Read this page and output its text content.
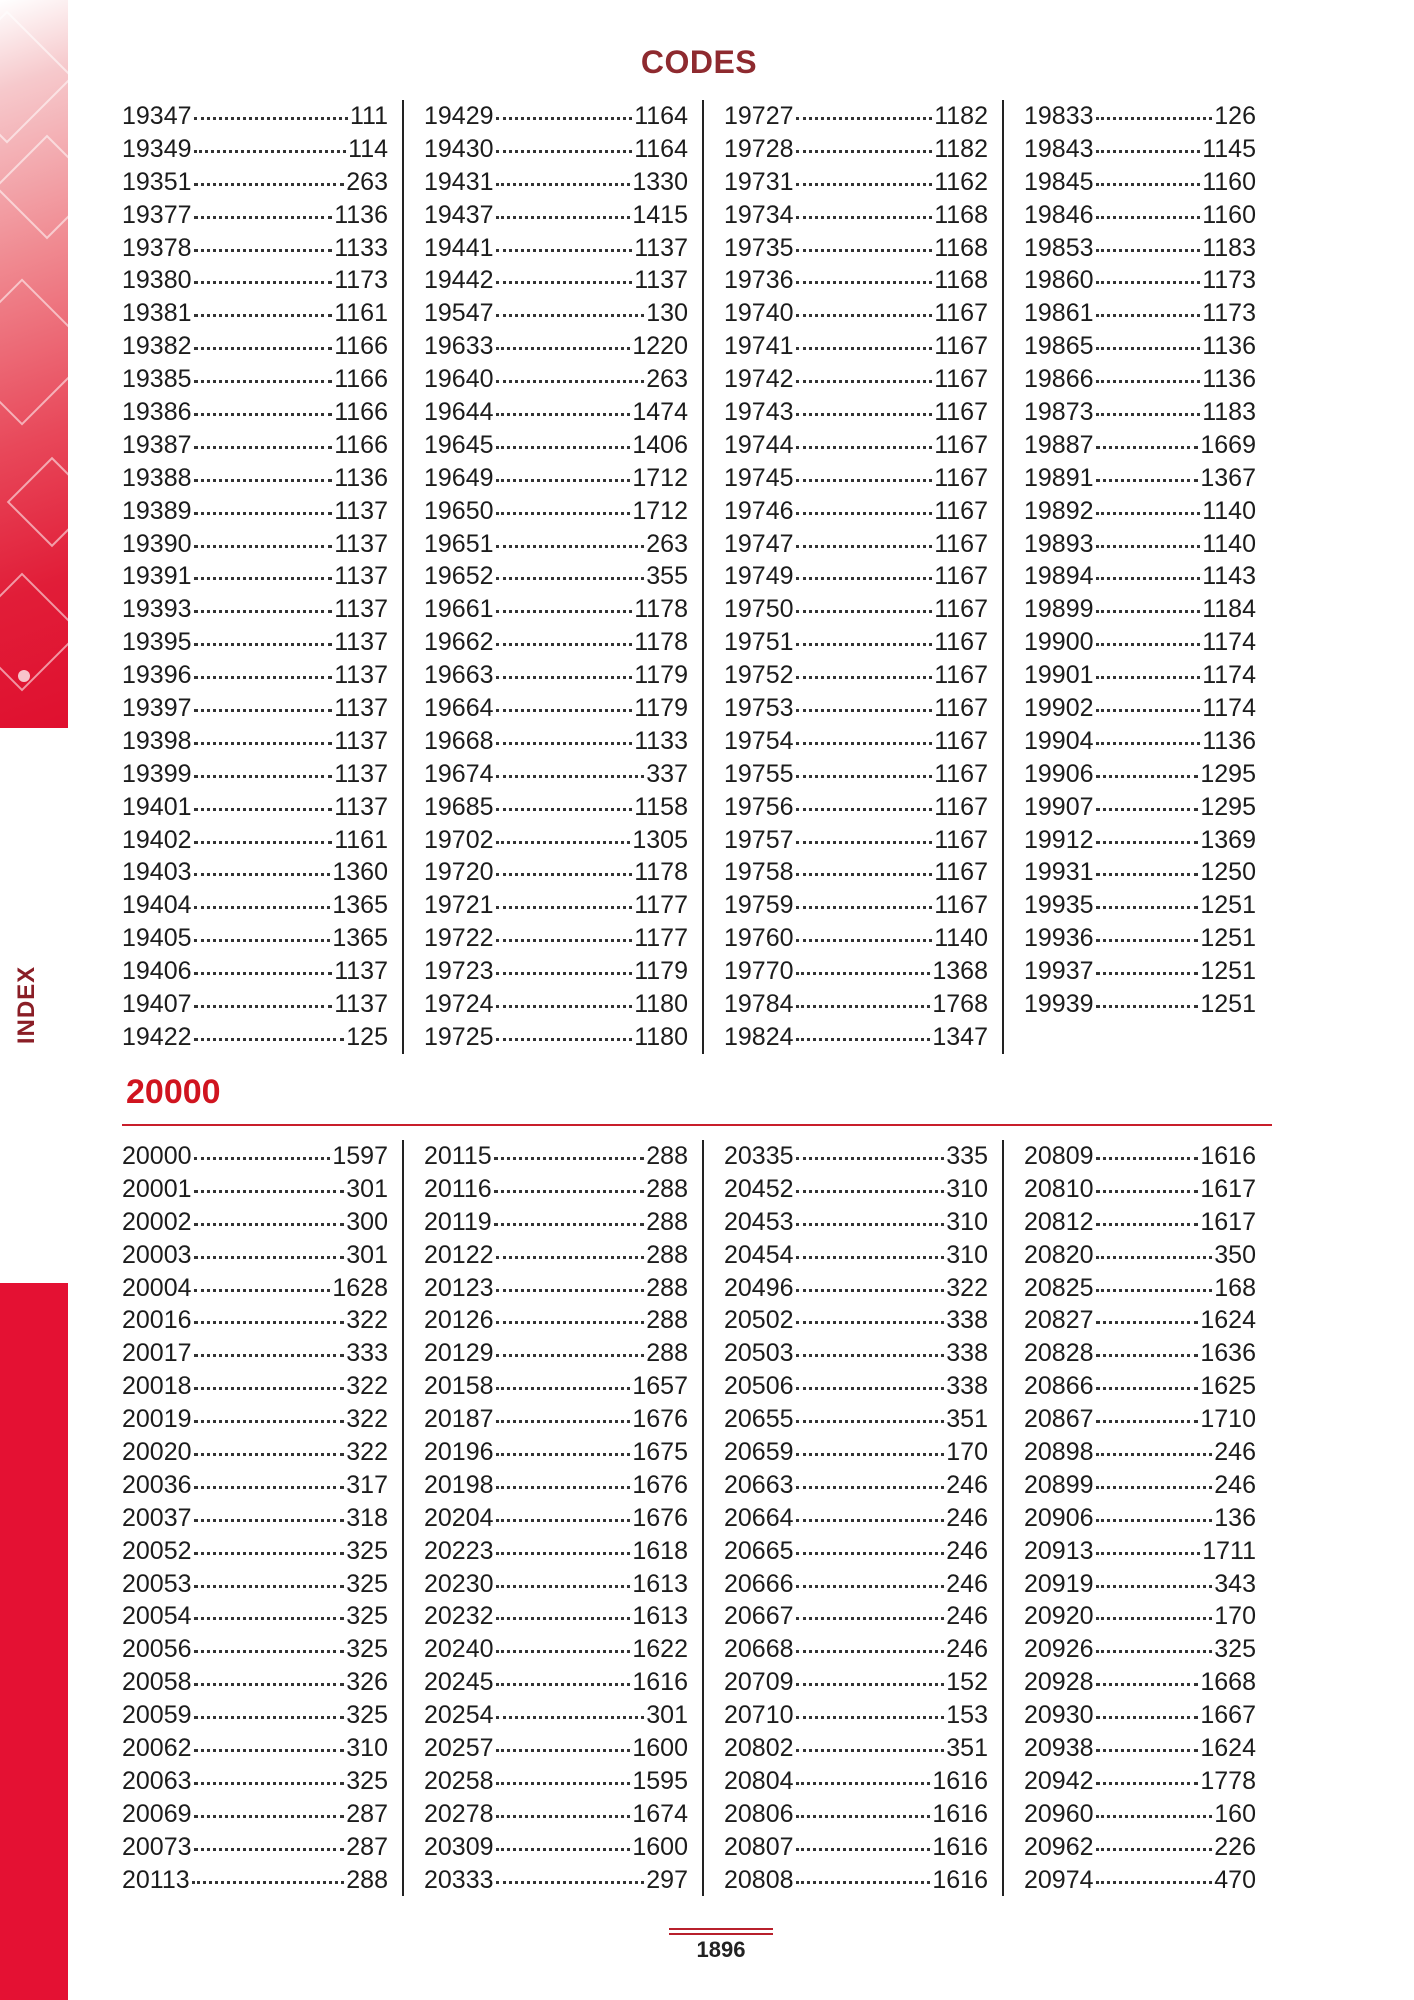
INDEX
CODES
19347	111
19349	114
19351	263
19377	1136
19378	1133
19380	1173
19381	1161
19382	1166
19385	1166
19386	1166
19387	1166
19388	1136
19389	1137
19390	1137
19391	1137
19393	1137
19395	1137
19396	1137
19397	1137
19398	1137
19399	1137
19401	1137
19402	1161
19403	1360
19404	1365
19405	1365
19406	1137
19407	1137
19422	125
19429	1164
19430	1164
19431	1330
19437	1415
19441	1137
19442	1137
19547	130
19633	1220
19640	263
19644	1474
19645	1406
19649	1712
19650	1712
19651	263
19652	355
19661	1178
19662	1178
19663	1179
19664	1179
19668	1133
19674	337
19685	1158
19702	1305
19720	1178
19721	1177
19722	1177
19723	1179
19724	1180
19725	1180
19727	1182
19728	1182
19731	1162
19734	1168
19735	1168
19736	1168
19740	1167
19741	1167
19742	1167
19743	1167
19744	1167
19745	1167
19746	1167
19747	1167
19749	1167
19750	1167
19751	1167
19752	1167
19753	1167
19754	1167
19755	1167
19756	1167
19757	1167
19758	1167
19759	1167
19760	1140
19770	1368
19784	1768
19824	1347
19833	126
19843	1145
19845	1160
19846	1160
19853	1183
19860	1173
19861	1173
19865	1136
19866	1136
19873	1183
19887	1669
19891	1367
19892	1140
19893	1140
19894	1143
19899	1184
19900	1174
19901	1174
19902	1174
19904	1136
19906	1295
19907	1295
19912	1369
19931	1250
19935	1251
19936	1251
19937	1251
19939	1251
20000
20000	1597
20001	301
20002	300
20003	301
20004	1628
20016	322
20017	333
20018	322
20019	322
20020	322
20036	317
20037	318
20052	325
20053	325
20054	325
20056	325
20058	326
20059	325
20062	310
20063	325
20069	287
20073	287
20113	288
20115	288
20116	288
20119	288
20122	288
20123	288
20126	288
20129	288
20158	1657
20187	1676
20196	1675
20198	1676
20204	1676
20223	1618
20230	1613
20232	1613
20240	1622
20245	1616
20254	301
20257	1600
20258	1595
20278	1674
20309	1600
20333	297
20335	335
20452	310
20453	310
20454	310
20496	322
20502	338
20503	338
20506	338
20655	351
20659	170
20663	246
20664	246
20665	246
20666	246
20667	246
20668	246
20709	152
20710	153
20802	351
20804	1616
20806	1616
20807	1616
20808	1616
20809	1616
20810	1617
20812	1617
20820	350
20825	168
20827	1624
20828	1636
20866	1625
20867	1710
20898	246
20899	246
20906	136
20913	1711
20919	343
20920	170
20926	325
20928	1668
20930	1667
20938	1624
20942	1778
20960	160
20962	226
20974	470
1896
